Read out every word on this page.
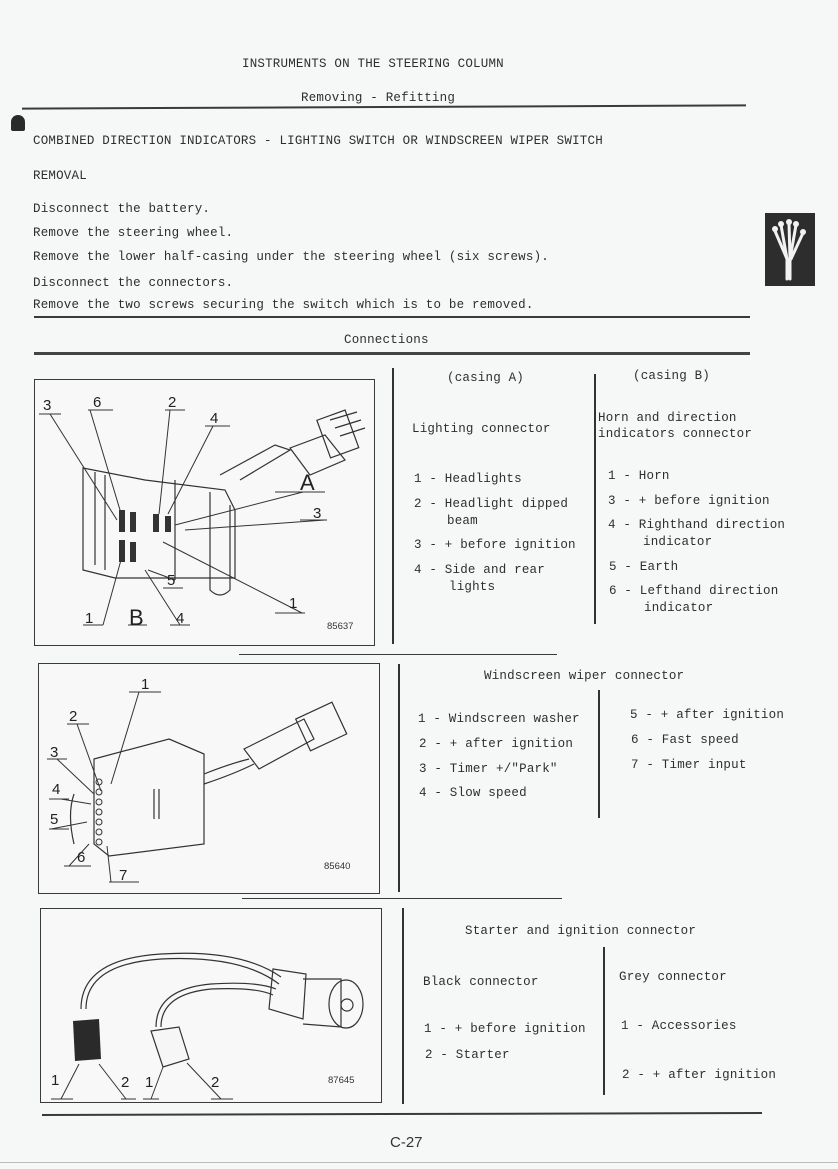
INSTRUMENTS ON THE STEERING COLUMN
Removing - Refitting
COMBINED DIRECTION INDICATORS - LIGHTING SWITCH OR WINDSCREEN WIPER SWITCH
REMOVAL
Disconnect the battery.
Remove the steering wheel.
Remove the lower half-casing under the steering wheel (six screws).
Disconnect the connectors.
Remove the two screws securing the switch which is to be removed.
Connections
3	6	2
4
A
3
1
5
1 B 4	85637
(casing A)	(casing B)
Lighting connector
Horn and direction
indicators connector
1 - Headlights
2 - Headlight dipped
beam
3 - + before ignition
4 - Side and rear
lights
1 - Horn
3 - + before ignition
4 - Righthand direction
indicator
5 - Earth
6 - Lefthand direction
indicator
1
2
3
4
5
6
7
85640
Windscreen wiper connector
1 - Windscreen washer
2 - + after ignition
3 - Timer +/"Park"
4 - Slow speed
5 - + after ignition
6 - Fast speed
7 - Timer input
1	2 1	2	87645
Starter and ignition connector
Black connector	Grey connector
1 - + before ignition
2 - Starter
1 - Accessories
2 - + after ignition
C-27
